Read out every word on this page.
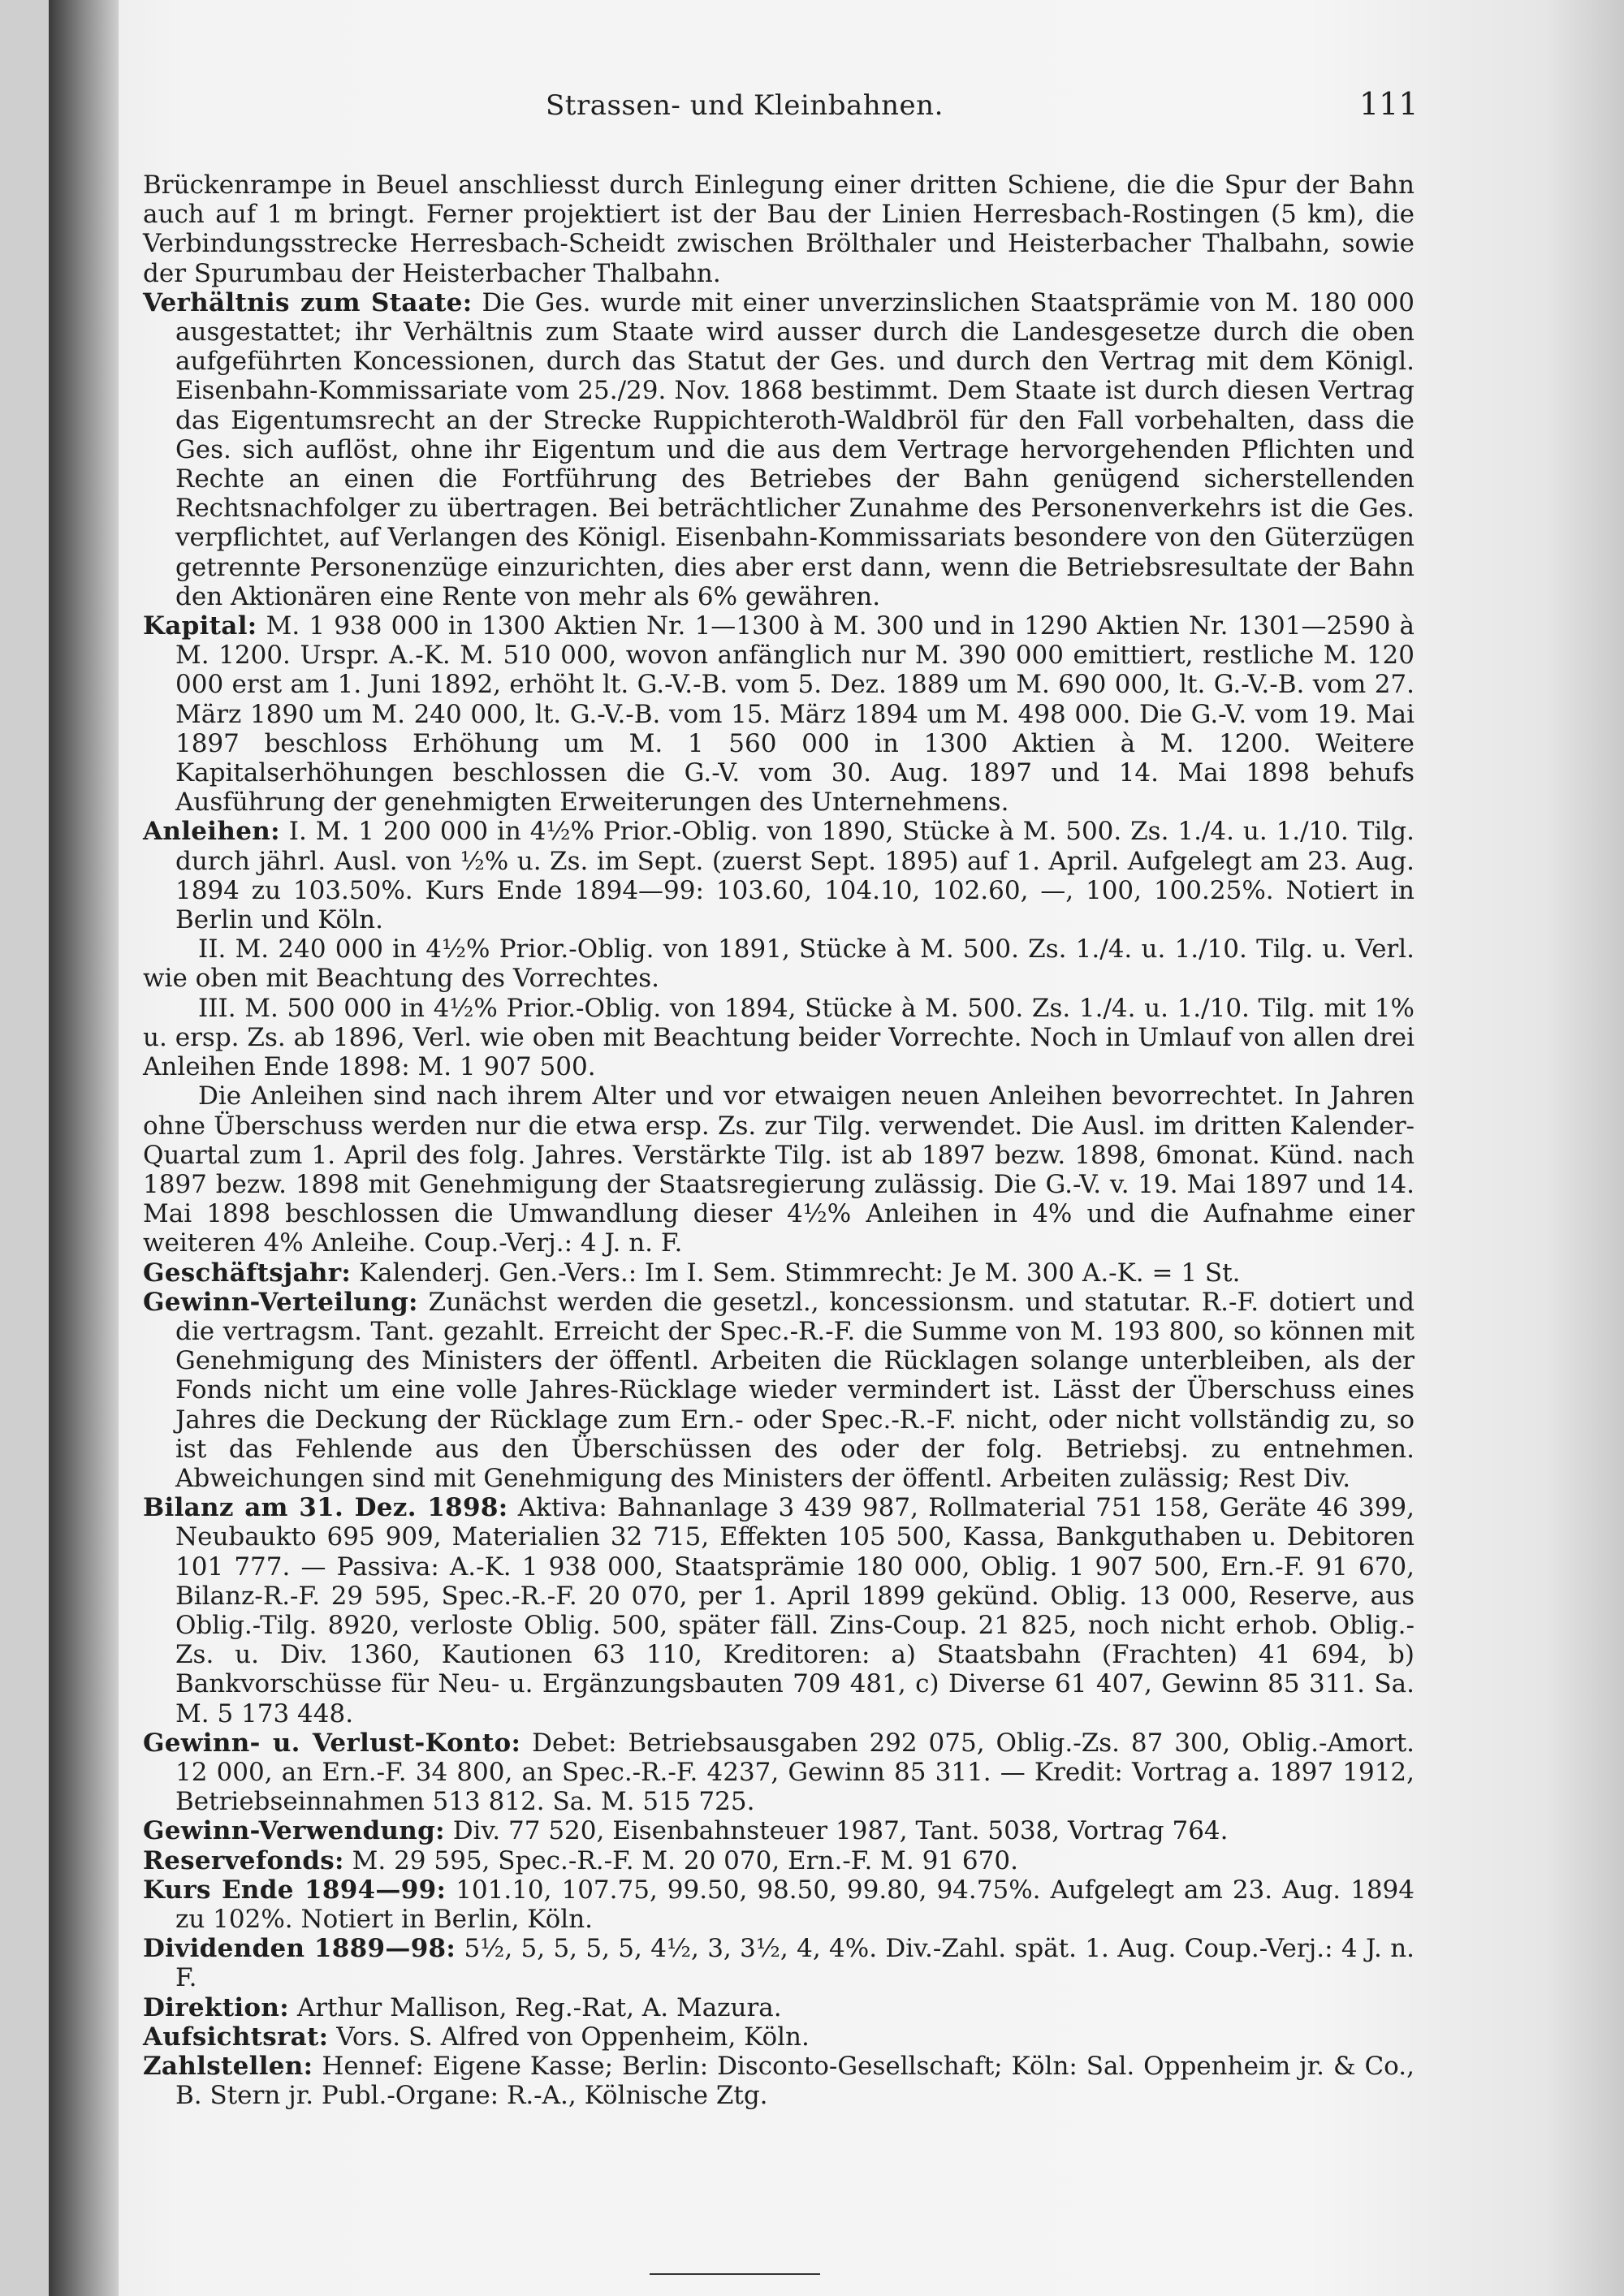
Strassen- und Kleinbahnen.	111

Brückenrampe in Beuel anschliesst durch Einlegung einer dritten Schiene, die die Spur der Bahn auch auf 1 m bringt. Ferner projektiert ist der Bau der Linien Herresbach-Rostingen (5 km), die Verbindungsstrecke Herresbach-Scheidt zwischen Brölthaler und Heisterbacher Thalbahn, sowie der Spurumbau der Heisterbacher Thalbahn.

Verhältnis zum Staate: Die Ges. wurde mit einer unverzinslichen Staatsprämie von M. 180 000 ausgestattet; ihr Verhältnis zum Staate wird ausser durch die Landesgesetze durch die oben aufgeführten Koncessionen, durch das Statut der Ges. und durch den Vertrag mit dem Königl. Eisenbahn-Kommissariate vom 25./29. Nov. 1868 bestimmt. Dem Staate ist durch diesen Vertrag das Eigentumsrecht an der Strecke Ruppichteroth-Waldbröl für den Fall vorbehalten, dass die Ges. sich auflöst, ohne ihr Eigentum und die aus dem Vertrage hervorgehenden Pflichten und Rechte an einen die Fortführung des Betriebes der Bahn genügend sicherstellenden Rechtsnachfolger zu übertragen. Bei beträchtlicher Zunahme des Personenverkehrs ist die Ges. verpflichtet, auf Verlangen des Königl. Eisenbahn-Kommissariats besondere von den Güterzügen getrennte Personenzüge einzurichten, dies aber erst dann, wenn die Betriebsresultate der Bahn den Aktionären eine Rente von mehr als 6% gewähren.

Kapital: M. 1 938 000 in 1300 Aktien Nr. 1—1300 à M. 300 und in 1290 Aktien Nr. 1301—2590 à M. 1200. Urspr. A.-K. M. 510 000, wovon anfänglich nur M. 390 000 emittiert, restliche M. 120 000 erst am 1. Juni 1892, erhöht lt. G.-V.-B. vom 5. Dez. 1889 um M. 690 000, lt. G.-V.-B. vom 27. März 1890 um M. 240 000, lt. G.-V.-B. vom 15. März 1894 um M. 498 000. Die G.-V. vom 19. Mai 1897 beschloss Erhöhung um M. 1 560 000 in 1300 Aktien à M. 1200. Weitere Kapitalserhöhungen beschlossen die G.-V. vom 30. Aug. 1897 und 14. Mai 1898 behufs Ausführung der genehmigten Erweiterungen des Unternehmens.

Anleihen: I. M. 1 200 000 in 4½% Prior.-Oblig. von 1890, Stücke à M. 500. Zs. 1./4. u. 1./10. Tilg. durch jährl. Ausl. von ½% u. Zs. im Sept. (zuerst Sept. 1895) auf 1. April. Aufgelegt am 23. Aug. 1894 zu 103.50%. Kurs Ende 1894—99: 103.60, 104.10, 102.60, —, 100, 100.25%. Notiert in Berlin und Köln.

II. M. 240 000 in 4½% Prior.-Oblig. von 1891, Stücke à M. 500. Zs. 1./4. u. 1./10. Tilg. u. Verl. wie oben mit Beachtung des Vorrechtes.

III. M. 500 000 in 4½% Prior.-Oblig. von 1894, Stücke à M. 500. Zs. 1./4. u. 1./10. Tilg. mit 1% u. ersp. Zs. ab 1896, Verl. wie oben mit Beachtung beider Vorrechte. Noch in Umlauf von allen drei Anleihen Ende 1898: M. 1 907 500.

Die Anleihen sind nach ihrem Alter und vor etwaigen neuen Anleihen bevorrechtet. In Jahren ohne Überschuss werden nur die etwa ersp. Zs. zur Tilg. verwendet. Die Ausl. im dritten Kalender-Quartal zum 1. April des folg. Jahres. Verstärkte Tilg. ist ab 1897 bezw. 1898, 6monat. Künd. nach 1897 bezw. 1898 mit Genehmigung der Staatsregierung zulässig. Die G.-V. v. 19. Mai 1897 und 14. Mai 1898 beschlossen die Umwandlung dieser 4½% Anleihen in 4% und die Aufnahme einer weiteren 4% Anleihe. Coup.-Verj.: 4 J. n. F.

Geschäftsjahr: Kalenderj. Gen.-Vers.: Im I. Sem. Stimmrecht: Je M. 300 A.-K. = 1 St.

Gewinn-Verteilung: Zunächst werden die gesetzl., koncessionsm. und statutar. R.-F. dotiert und die vertragsm. Tant. gezahlt. Erreicht der Spec.-R.-F. die Summe von M. 193 800, so können mit Genehmigung des Ministers der öffentl. Arbeiten die Rücklagen solange unterbleiben, als der Fonds nicht um eine volle Jahres-Rücklage wieder vermindert ist. Lässt der Überschuss eines Jahres die Deckung der Rücklage zum Ern.- oder Spec.-R.-F. nicht, oder nicht vollständig zu, so ist das Fehlende aus den Überschüssen des oder der folg. Betriebsj. zu entnehmen. Abweichungen sind mit Genehmigung des Ministers der öffentl. Arbeiten zulässig; Rest Div.

Bilanz am 31. Dez. 1898: Aktiva: Bahnanlage 3 439 987, Rollmaterial 751 158, Geräte 46 399, Neubaukto 695 909, Materialien 32 715, Effekten 105 500, Kassa, Bankguthaben u. Debitoren 101 777. — Passiva: A.-K. 1 938 000, Staatsprämie 180 000, Oblig. 1 907 500, Ern.-F. 91 670, Bilanz-R.-F. 29 595, Spec.-R.-F. 20 070, per 1. April 1899 gekünd. Oblig. 13 000, Reserve, aus Oblig.-Tilg. 8920, verloste Oblig. 500, später fäll. Zins-Coup. 21 825, noch nicht erhob. Oblig.-Zs. u. Div. 1360, Kautionen 63 110, Kreditoren: a) Staatsbahn (Frachten) 41 694, b) Bankvorschüsse für Neu- u. Ergänzungsbauten 709 481, c) Diverse 61 407, Gewinn 85 311. Sa. M. 5 173 448.

Gewinn- u. Verlust-Konto: Debet: Betriebsausgaben 292 075, Oblig.-Zs. 87 300, Oblig.-Amort. 12 000, an Ern.-F. 34 800, an Spec.-R.-F. 4237, Gewinn 85 311. — Kredit: Vortrag a. 1897 1912, Betriebseinnahmen 513 812. Sa. M. 515 725.

Gewinn-Verwendung: Div. 77 520, Eisenbahnsteuer 1987, Tant. 5038, Vortrag 764.

Reservefonds: M. 29 595, Spec.-R.-F. M. 20 070, Ern.-F. M. 91 670.

Kurs Ende 1894—99: 101.10, 107.75, 99.50, 98.50, 99.80, 94.75%. Aufgelegt am 23. Aug. 1894 zu 102%. Notiert in Berlin, Köln.

Dividenden 1889—98: 5½, 5, 5, 5, 5, 4½, 3, 3½, 4, 4%. Div.-Zahl. spät. 1. Aug. Coup.-Verj.: 4 J. n. F.

Direktion: Arthur Mallison, Reg.-Rat, A. Mazura.

Aufsichtsrat: Vors. S. Alfred von Oppenheim, Köln.

Zahlstellen: Hennef: Eigene Kasse; Berlin: Disconto-Gesellschaft; Köln: Sal. Oppenheim jr. & Co., B. Stern jr. Publ.-Organe: R.-A., Kölnische Ztg.
